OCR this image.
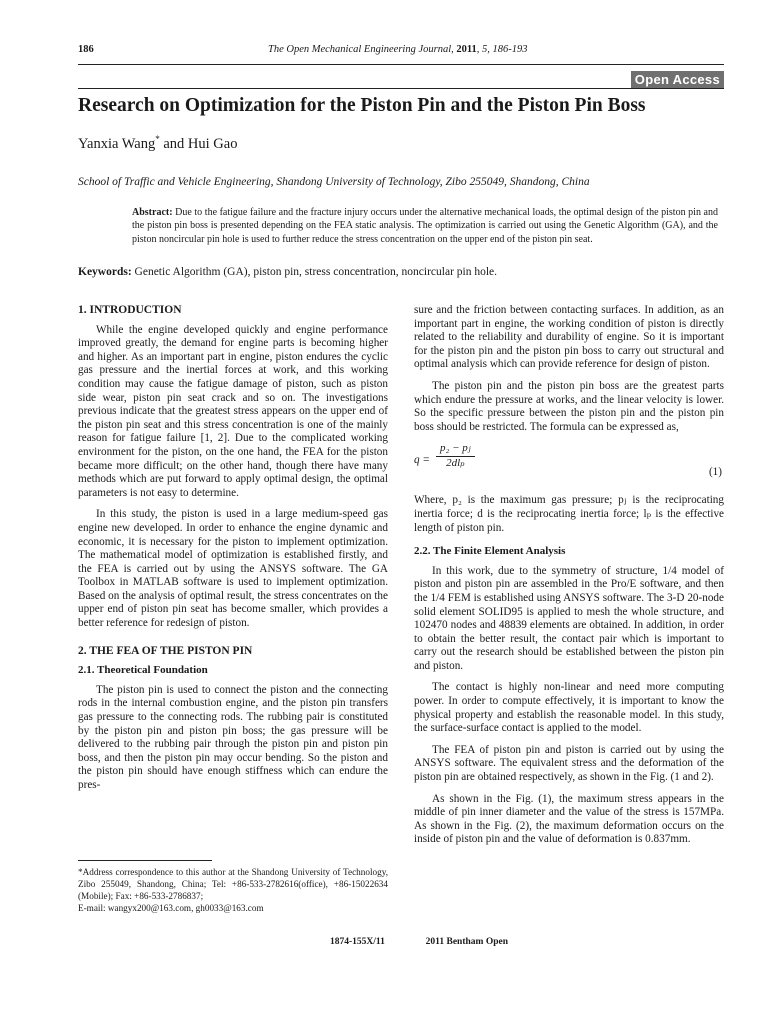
186	The Open Mechanical Engineering Journal, 2011, 5, 186-193
Open Access
Research on Optimization for the Piston Pin and the Piston Pin Boss
Yanxia Wang* and Hui Gao
School of Traffic and Vehicle Engineering, Shandong University of Technology, Zibo 255049, Shandong, China
Abstract: Due to the fatigue failure and the fracture injury occurs under the alternative mechanical loads, the optimal design of the piston pin and the piston pin boss is presented depending on the FEA static analysis. The optimization is carried out using the Genetic Algorithm (GA), and the piston noncircular pin hole is used to further reduce the stress concentration on the upper end of the piston pin seat.
Keywords: Genetic Algorithm (GA), piston pin, stress concentration, noncircular pin hole.
1. INTRODUCTION

While the engine developed quickly and engine performance improved greatly, the demand for engine parts is becoming higher and higher. As an important part in engine, piston endures the cyclic gas pressure and the inertial forces at work, and this working condition may cause the fatigue damage of piston, such as piston side wear, piston pin seat crack and so on. The investigations previous indicate that the greatest stress appears on the upper end of the piston pin seat and this stress concentration is one of the mainly reason for fatigue failure [1, 2]. Due to the complicated working environment for the piston, on the one hand, the FEA for the piston became more difficult; on the other hand, though there have many methods which are put forward to apply optimal design, the optimal parameters is not easy to determine.

In this study, the piston is used in a large medium-speed gas engine new developed. In order to enhance the engine dynamic and economic, it is necessary for the piston to implement optimization. The mathematical model of optimization is established firstly, and the FEA is carried out by using the ANSYS software. The GA Toolbox in MATLAB software is used to implement optimization. Based on the analysis of optimal result, the stress concentrates on the upper end of piston pin seat has become smaller, which provides a better reference for redesign of piston.

2. THE FEA OF THE PISTON PIN
2.1. Theoretical Foundation

The piston pin is used to connect the piston and the connecting rods in the internal combustion engine, and the piston pin transfers gas pressure to the connecting rods. The rubbing pair is constituted by the piston pin and piston pin boss; the gas pressure will be delivered to the rubbing pair through the piston pin and piston pin boss, and then the piston pin may occur bending. So the piston and the piston pin should have enough stiffness which can endure the pres-

sure and the friction between contacting surfaces. In addition, as an important part in engine, the working condition of piston is directly related to the reliability and durability of engine. So it is important for the piston pin and the piston pin boss to carry out structural and optimal analysis which can provide reference for design of piston.

The piston pin and the piston pin boss are the greatest parts which endure the pressure at works, and the linear velocity is lower. So the specific pressure between the piston pin and the piston pin boss should be restricted. The formula can be expressed as,

q =
p₂ − pⱼ
2dlₚ
(1)

Where, p₂ is the maximum gas pressure; pⱼ is the reciprocating inertia force; d is the reciprocating inertia force; lₚ is the effective length of piston pin.

2.2. The Finite Element Analysis

In this work, due to the symmetry of structure, 1/4 model of piston and piston pin are assembled in the Pro/E software, and then the 1/4 FEM is established using ANSYS software. The 3-D 20-node solid element SOLID95 is applied to mesh the whole structure, and 102470 nodes and 48839 elements are obtained. In addition, in order to obtain the better result, the contact pair which is important to carry out the research should be established between the piston pin and piston.

The contact is highly non-linear and need more computing power. In order to compute effectively, it is important to know the physical property and establish the reasonable model. In this study, the surface-surface contact is applied to the model.

The FEA of piston pin and piston is carried out by using the ANSYS software. The equivalent stress and the deformation of the piston pin are obtained respectively, as shown in the Fig. (1 and 2).

As shown in the Fig. (1), the maximum stress appears in the middle of pin inner diameter and the value of the stress is 157MPa. As shown in the Fig. (2), the maximum deformation occurs on the inside of piston pin and the value of deformation is 0.837mm.

*Address correspondence to this author at the Shandong University of Technology, Zibo 255049, Shandong, China; Tel: +86-533-2782616(office), +86-15022634 (Mobile); Fax: +86-533-2786837;
E-mail: wangyx200@163.com, gh0033@163.com
1874-155X/11	2011 Bentham Open
